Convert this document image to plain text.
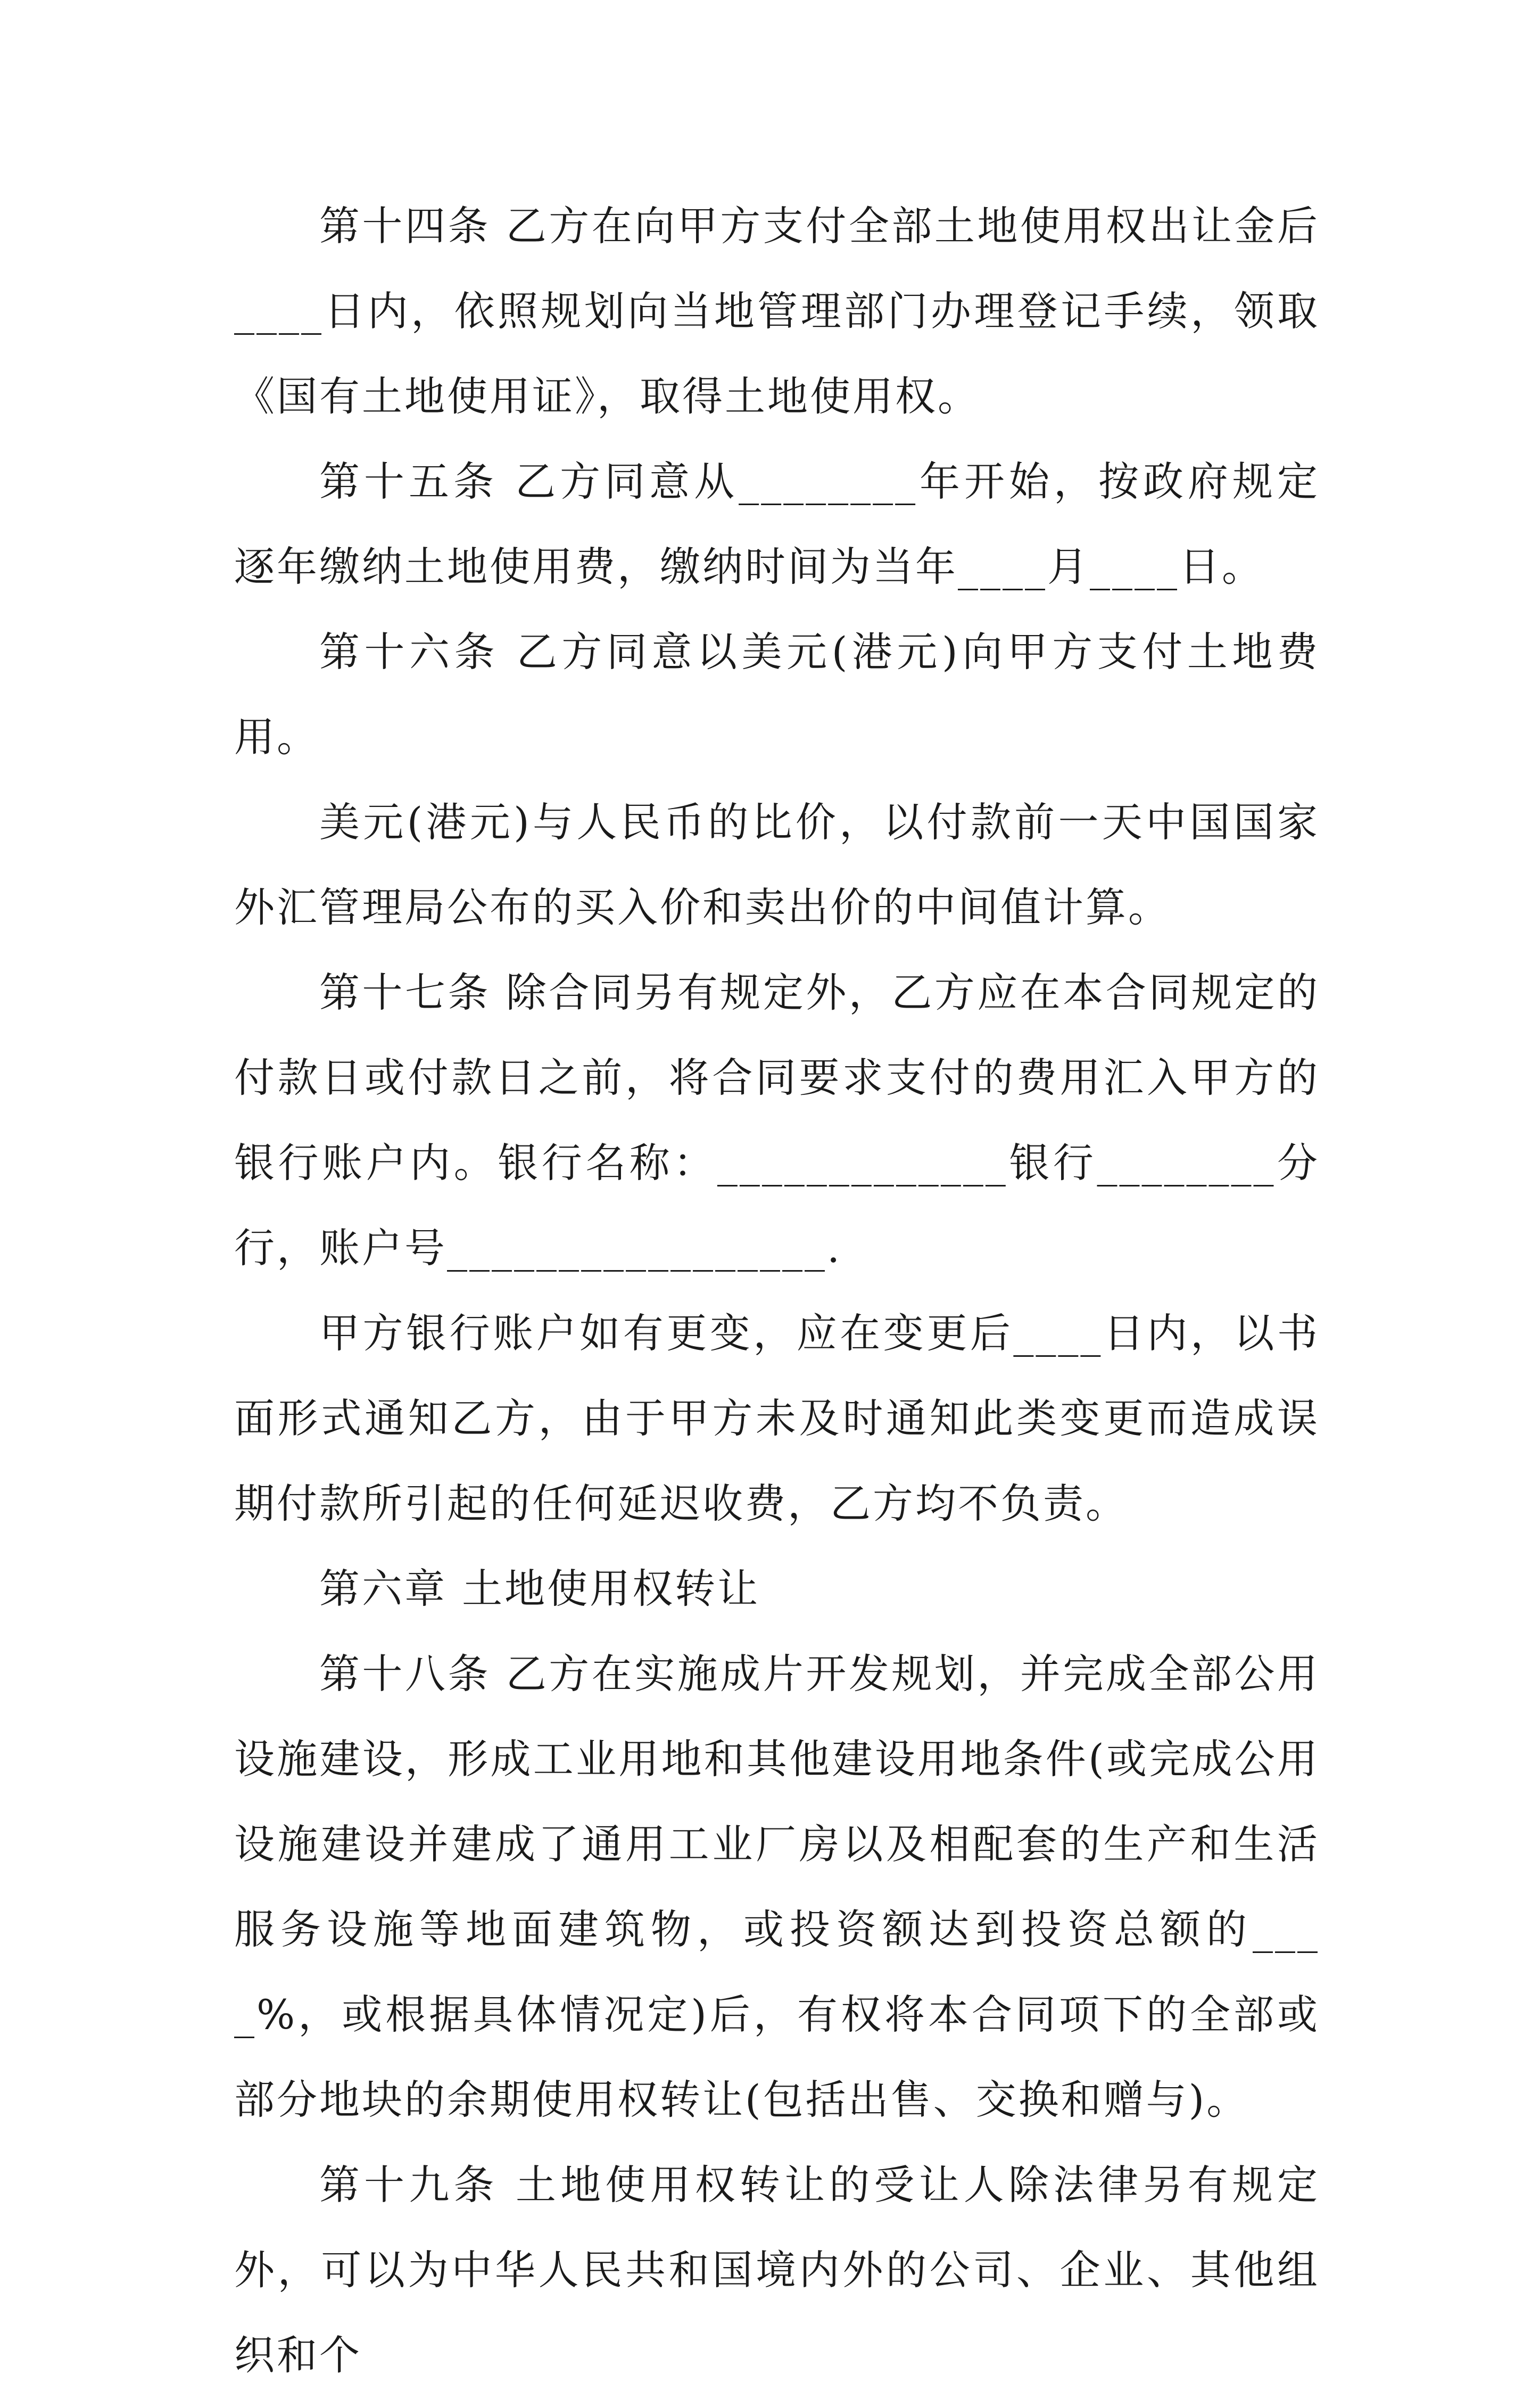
第十四条 乙方在向甲方支付全部土地使用权出让金后____日内，依照规划向当地管理部门办理登记手续，领取《国有土地使用证》，取得土地使用权。

第十五条 乙方同意从________年开始，按政府规定逐年缴纳土地使用费，缴纳时间为当年____月____日。

第十六条 乙方同意以美元(港元)向甲方支付土地费用。

美元(港元)与人民币的比价，以付款前一天中国国家外汇管理局公布的买入价和卖出价的中间值计算。

第十七条 除合同另有规定外，乙方应在本合同规定的付款日或付款日之前，将合同要求支付的费用汇入甲方的银行账户内。银行名称：_____________银行________分行，账户号_________________.

甲方银行账户如有更变，应在变更后____日内，以书面形式通知乙方，由于甲方未及时通知此类变更而造成误期付款所引起的任何延迟收费，乙方均不负责。

第六章 土地使用权转让

第十八条 乙方在实施成片开发规划，并完成全部公用设施建设，形成工业用地和其他建设用地条件(或完成公用设施建设并建成了通用工业厂房以及相配套的生产和生活服务设施等地面建筑物，或投资额达到投资总额的____%，或根据具体情况定)后，有权将本合同项下的全部或部分地块的余期使用权转让(包括出售、交换和赠与)。

第十九条 土地使用权转让的受让人除法律另有规定外，可以为中华人民共和国境内外的公司、企业、其他组织和个
